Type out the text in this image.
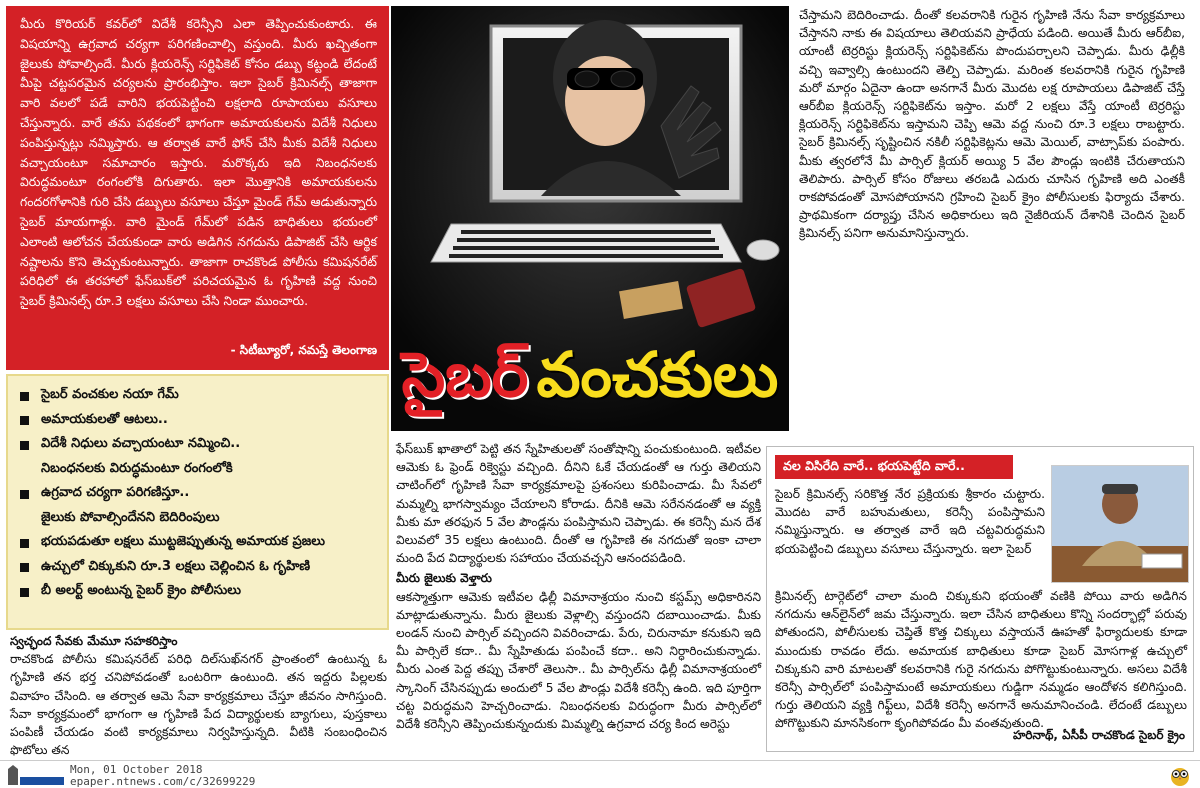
మీరు కొరియర్ కవర్‌లో విదేశీ కరెన్సీని ఎలా తెప్పించుకుంటారు. ఈ విషయాన్ని ఉగ్రవాద చర్యగా పరిగణించాల్సి వస్తుంది. మీరు ఖచ్చితంగా జైలుకు పోవాల్సిందే. మీరు క్లియరెన్స్ సర్టిఫికెట్ కోసం డబ్బు కట్టండి లేదంటే మీపై చట్టపరమైన చర్యలను ప్రారంభిస్తాం. ఇలా సైబర్ క్రిమినల్స్ తాజాగా వారి వలలో పడే వారిని భయపెట్టించి లక్షలాది రూపాయలు వసూలు చేస్తున్నారు. వారే తమ పథకంలో భాగంగా అమాయకులను విదేశీ నిధులు పంపిస్తున్నట్లు నమ్మిస్తారు. ఆ తర్వాత వారే ఫోన్ చేసి మీకు విదేశీ నిధులు వచ్చాయంటూ సమాచారం ఇస్తారు. మరొక్కరు ఇది నిబంధనలకు విరుద్ధమంటూ రంగంలోకి దిగుతారు. ఇలా మొత్తానికి అమాయకులను గందరగోళానికి గురి చేసి డబ్బులు వసూలు చేస్తూ మైండ్ గేమ్ ఆడుతున్నారు సైబర్ మాయగాళ్లు. వారి మైండ్ గేమ్‌లో పడిన బాధితులు భయంలో ఎలాంటి ఆలోచన చేయకుండా వారు అడిగిన నగదును డిపాజిట్ చేసి ఆర్థిక నష్టాలను కొని తెచ్చుకుంటున్నారు. తాజాగా రాచకొండ పోలీసు కమిషనరేట్ పరిధిలో ఈ తరహాలో ఫేస్‌బుక్‌లో పరిచయమైన ఓ గృహిణి వద్ద నుంచి సైబర్ క్రిమినల్స్ రూ.3 లక్షలు వసూలు చేసి నిండా ముంచారు.

- సిటీబ్యూరో, నమస్తే తెలంగాణ
సైబర్ వంచకుల నయా గేమ్
అమాయకులతో ఆటలు..
విదేశీ నిధులు వచ్చాయంటూ నమ్మించి..
నిబంధనలకు విరుద్ధమంటూ రంగంలోకి
ఉగ్రవాద చర్యగా పరిగణిస్తూ..
జైలుకు పోవాల్సిందేనని బెదిరింపులు
భయపడుతూ లక్షలు ముట్టజెప్పుతున్న అమాయక ప్రజలు
ఉచ్చులో చిక్కుకుని రూ.3 లక్షలు చెల్లించిన ఓ గృహిణి
బీ అలర్ట్ అంటున్న సైబర్ క్రైం పోలీసులు
సైబర్ వంచకులు

చేస్తామని బెదిరించాడు. దీంతో కలవరానికి గురైన గృహిణి నేను సేవా కార్యక్రమాలు చేస్తానని నాకు ఈ విషయాలు తెలియవని ప్రాధేయ పడింది. అయితే మీరు ఆర్‌బీఐ, యాంటీ టెర్రరిస్టు క్లియరెన్స్ సర్టిఫికెట్‌ను పొందుపర్చాలని చెప్పాడు. మీరు ఢిల్లీకి వచ్చి ఇవ్వాల్సి ఉంటుందని తెల్పి చెప్పాడు. మరింత కలవరానికి గురైన గృహిణి మరో మార్గం ఏదైనా ఉందా అనగానే మీరు మొదట లక్ష రూపాయలు డిపాజిట్ చేస్తే ఆర్‌బీఐ క్లియరెన్స్ సర్టిఫికెట్‌ను ఇస్తాం. మరో 2 లక్షలు వేస్తే యాంటీ టెర్రరిస్టు క్లియరెన్స్ సర్టిఫికెట్‌ను ఇస్తామని చెప్పి ఆమె వద్ద నుంచి రూ.3 లక్షలు రాబట్టారు. సైబర్ క్రిమినల్స్ సృష్టించిన నకిలీ సర్టిఫికెట్లను ఆమె మెయిల్, వాట్సాప్‌కు పంపారు. మీకు త్వరలోనే మీ పార్సిల్ క్లియర్ అయ్యి 5 వేల పౌండ్లు ఇంటికి చేరుతాయని తెలిపారు. పార్సిల్ కోసం రోజులు తరబడి ఎదురు చూసిన గృహిణి అది ఎంతకీ రాకపోవడంతో మోసపోయానని గ్రహించి సైబర్ క్రైం పోలీసులకు ఫిర్యాదు చేశారు. ప్రాథమికంగా దర్యాప్తు చేసిన అధికారులు ఇది నైజీరియన్ దేశానికి చెందిన సైబర్ క్రిమినల్స్ పనిగా అనుమానిస్తున్నారు.

ఫేస్‌బుక్ ఖాతాలో పెట్టి తన స్నేహితులతో సంతోషాన్ని పంచుకుంటుంది. ఇటీవల ఆమెకు ఓ ఫ్రెండ్ రిక్వెస్టు వచ్చింది. దీనిని ఓకే చేయడంతో ఆ గుర్తు తెలియని చాటింగ్‌లో గృహిణి సేవా కార్యక్రమాలపై ప్రశంసలు కురిపించాడు. మీ సేవలో మమ్మల్ని భాగస్వామ్యం చేయాలని కోరాడు. దీనికి ఆమె సరేననడంతో ఆ వ్యక్తి మీకు మా తరఫున 5 వేల పౌండ్లను పంపిస్తామని చెప్పాడు. ఈ కరెన్సీ మన దేశ విలువలో 35 లక్షలు ఉంటుంది. దీంతో ఆ గృహిణి ఈ నగదుతో ఇంకా చాలా మంది పేద విద్యార్థులకు సహాయం చేయవచ్చని ఆనందపడింది.

మీరు జైలుకు వెళ్తారు

ఆకస్మాత్తుగా ఆమెకు ఇటీవల ఢిల్లీ విమానాశ్రయం నుంచి కస్టమ్స్ అధికారినని మాట్లాడుతున్నాను. మీరు జైలుకు వెళ్లాల్సి వస్తుందని దబాయించాడు. మీకు లండన్ నుంచి పార్సిల్ వచ్చిందని వివరించాడు. పేరు, చిరునామా కనుకుని ఇది మీ పార్సిలే కదా.. మీ స్నేహితుడు పంపించే కదా.. అని నిర్ధారించుకున్నాడు. మీరు ఎంత పెద్ద తప్పు చేశారో తెలుసా.. మీ పార్సిల్‌ను ఢిల్లీ విమానాశ్రయంలో స్కానింగ్ చేసినప్పుడు అందులో 5 వేల పౌండ్లు విదేశీ కరెన్సీ ఉంది. ఇది పూర్తిగా చట్ట విరుద్ధమని హెచ్చరించాడు. నిబంధనలకు విరుద్ధంగా మీరు పార్సిల్‌లో విదేశీ కరెన్సీని తెప్పించుకున్నందుకు మిమ్మల్ని ఉగ్రవాద చర్య కింద అరెస్టు

వల విసిరేది వారే.. భయపెట్టేది వారే..

సైబర్ క్రిమినల్స్ సరికొత్త నేర ప్రక్రియకు శ్రీకారం చుట్టారు. మొదట వారే బహుమతులు, కరెన్సీ పంపిస్తామని నమ్మిస్తున్నారు. ఆ తర్వాత వారే ఇది చట్టవిరుద్ధమని భయపెట్టించి డబ్బులు వసూలు చేస్తున్నారు. ఇలా సైబర్

క్రిమినల్స్ టార్గెట్‌లో చాలా మంది చిక్కుకుని భయంతో వణికి పోయి వారు అడిగిన నగదును ఆన్‌లైన్‌లో జమ చేస్తున్నారు. ఇలా చేసిన బాధితులు కొన్ని సందర్భాల్లో పరువు పోతుందని, పోలీసులకు చెప్తితే కొత్త చిక్కులు వస్తాయనే ఊహతో ఫిర్యాదులకు కూడా ముందుకు రావడం లేదు. అమాయక బాధితులు కూడా సైబర్ మోసగాళ్ల ఉచ్చులో చిక్కుకుని వారి మాటలతో కలవరానికి గురై నగదును పోగొట్టుకుంటున్నారు. అసలు విదేశీ కరెన్సీ పార్సిల్‌లో పంపిస్తామంటే అమాయకులు గుడ్డిగా నమ్మడం ఆందోళన కలిగిస్తుంది. గుర్తు తెలియని వ్యక్తి గిఫ్ట్‌లు, విదేశీ కరెన్సీ అనగానే అనుమానించండి. లేదంటే డబ్బులు పోగొట్టుకుని మానసికంగా కృంగిపోవడం మీ వంతవుతుంది.

హరినాథ్, ఏసీపీ రాచకొండ సైబర్ క్రైం

స్వచ్ఛంద సేవకు మేమూ సహకరిస్తాం

రాచకొండ పోలీసు కమిషనరేట్ పరిధి దిల్‌సుఖ్‌నగర్ ప్రాంతంలో ఉంటున్న ఓ గృహిణి తన భర్త చనిపోవడంతో ఒంటరిగా ఉంటుంది. తన ఇద్దరు పిల్లలకు వివాహం చేసింది. ఆ తర్వాత ఆమె సేవా కార్యక్రమాలు చేస్తూ జీవనం సాగిస్తుంది. సేవా కార్యక్రమంలో భాగంగా ఆ గృహిణి పేద విద్యార్థులకు బ్యాగులు, పుస్తకాలు పంపిణీ చేయడం వంటి కార్యక్రమాలు నిర్వహిస్తున్నది. వీటికి సంబంధించిన ఫొటోలు తన

Mon, 01 October 2018
epaper.ntnews.com/c/32699229
